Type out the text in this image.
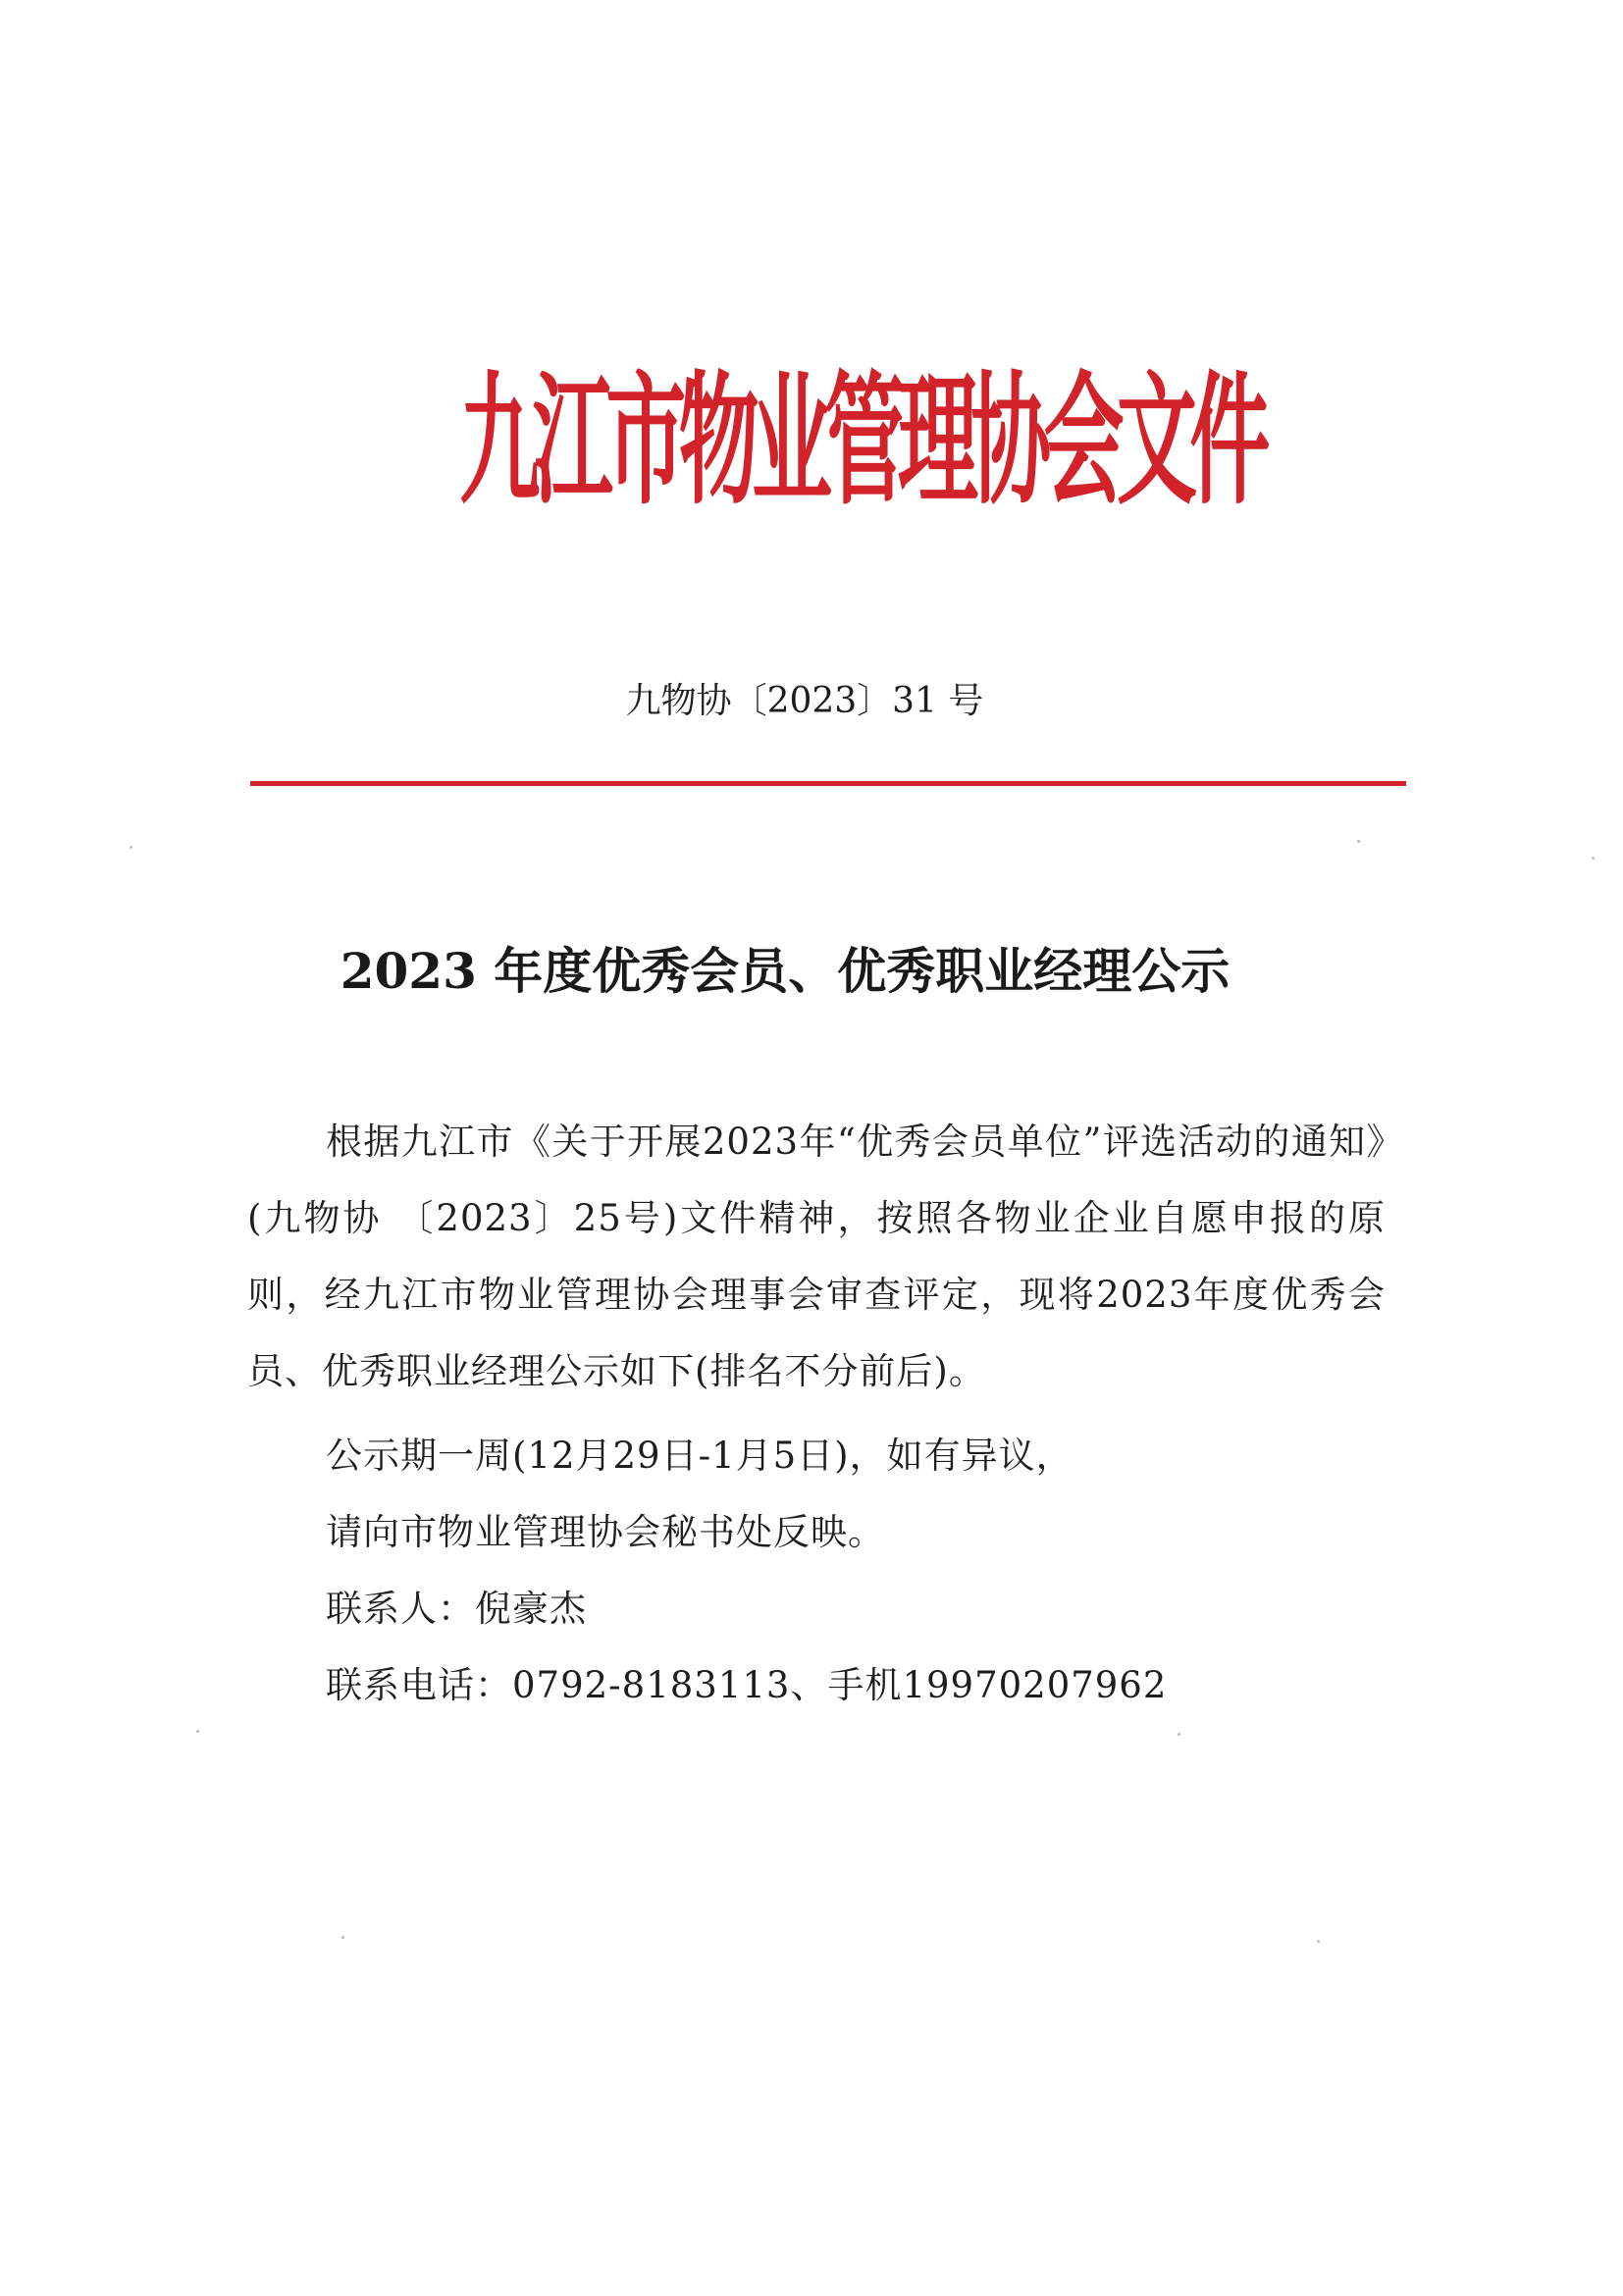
九江市物业管理协会文件
九物协〔2023〕31 号
2023 年度优秀会员、优秀职业经理公示

根据九江市《关于开展2023年“优秀会员单位”评选活动的通知》(九物协 〔2023〕25号)文件精神，按照各物业企业自愿申报的原则，经九江市物业管理协会理事会审查评定，现将2023年度优秀会员、优秀职业经理公示如下(排名不分前后)。

公示期一周(12月29日-1月5日)，如有异议，
请向市物业管理协会秘书处反映。
联系人：倪豪杰
联系电话：0792-8183113、手机19970207962
